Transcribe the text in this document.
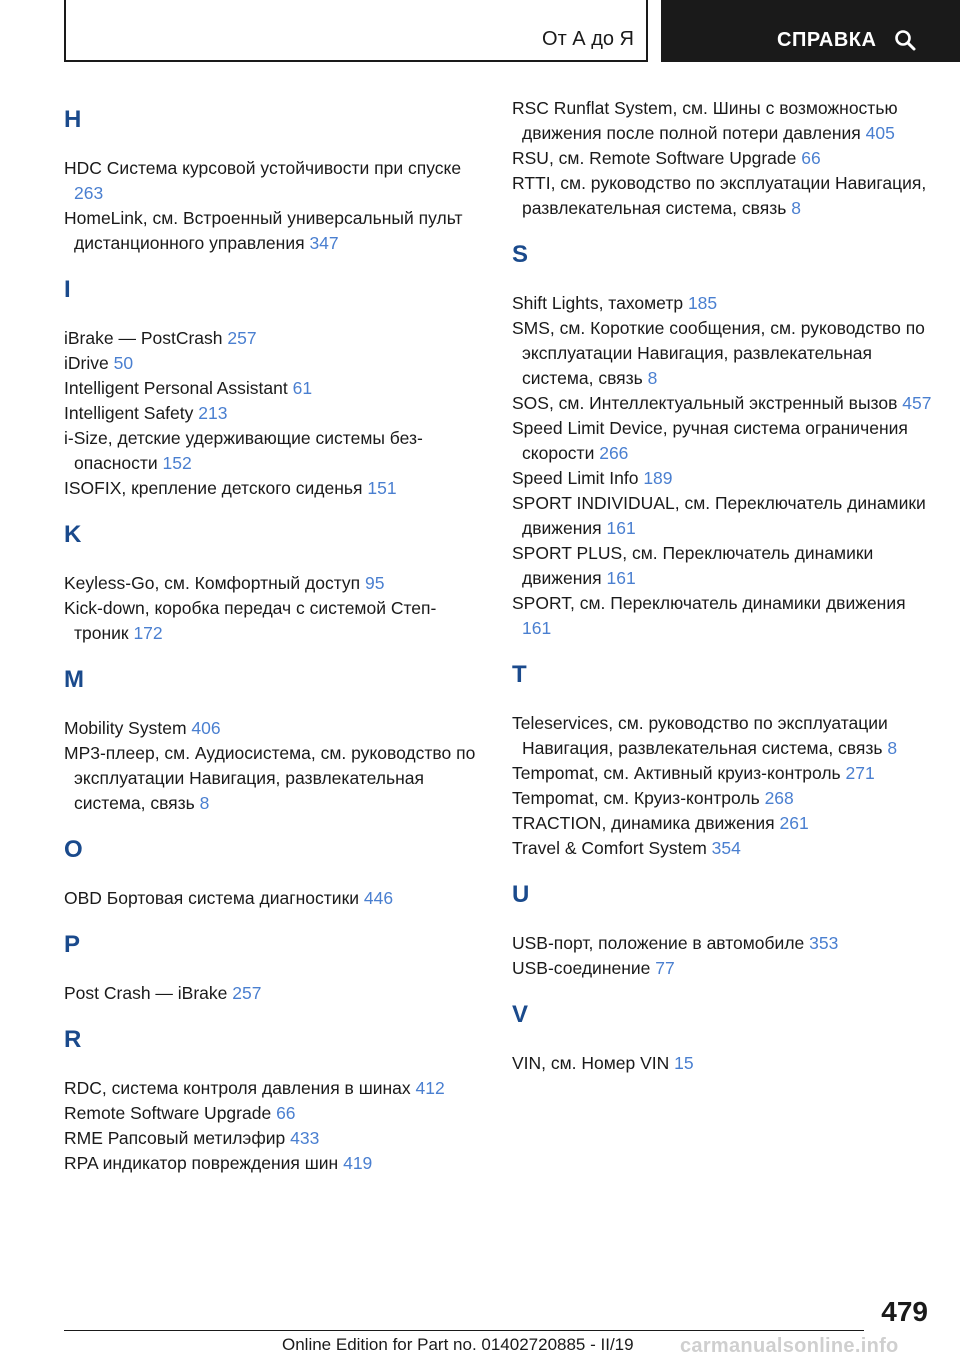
От А до Я	СПРАВКА
H
HDC Система курсовой устойчивости при спуске 263
HomeLink, см. Встроенный универсальный пульт дистанционного управления 347
I
iBrake — PostCrash 257
iDrive 50
Intelligent Personal Assistant 61
Intelligent Safety 213
i-Size, детские удерживающие системы безопасности 152
ISOFIX, крепление детского сиденья 151
K
Keyless-Go, см. Комфортный доступ 95
Kick-down, коробка передач с системой Стептроник 172
M
Mobility System 406
MP3-плеер, см. Аудиосистема, см. руководство по эксплуатации Навигация, развлекательная система, связь 8
O
OBD Бортовая система диагностики 446
P
Post Crash — iBrake 257
R
RDC, система контроля давления в шинах 412
Remote Software Upgrade 66
RME Рапсовый метилэфир 433
RPA индикатор повреждения шин 419
RSC Runflat System, см. Шины с возможностью движения после полной потери давления 405
RSU, см. Remote Software Upgrade 66
RTTI, см. руководство по эксплуатации Навигация, развлекательная система, связь 8
S
Shift Lights, тахометр 185
SMS, см. Короткие сообщения, см. руководство по эксплуатации Навигация, развлекательная система, связь 8
SOS, см. Интеллектуальный экстренный вызов 457
Speed Limit Device, ручная система ограничения скорости 266
Speed Limit Info 189
SPORT INDIVIDUAL, см. Переключатель динамики движения 161
SPORT PLUS, см. Переключатель динамики движения 161
SPORT, см. Переключатель динамики движения 161
T
Teleservices, см. руководство по эксплуатации Навигация, развлекательная система, связь 8
Tempomat, см. Активный круиз-контроль 271
Tempomat, см. Круиз-контроль 268
TRACTION, динамика движения 261
Travel & Comfort System 354
U
USB-порт, положение в автомобиле 353
USB-соединение 77
V
VIN, см. Номер VIN 15
479
Online Edition for Part no. 01402720885 - II/19 carmanualsonline.info
